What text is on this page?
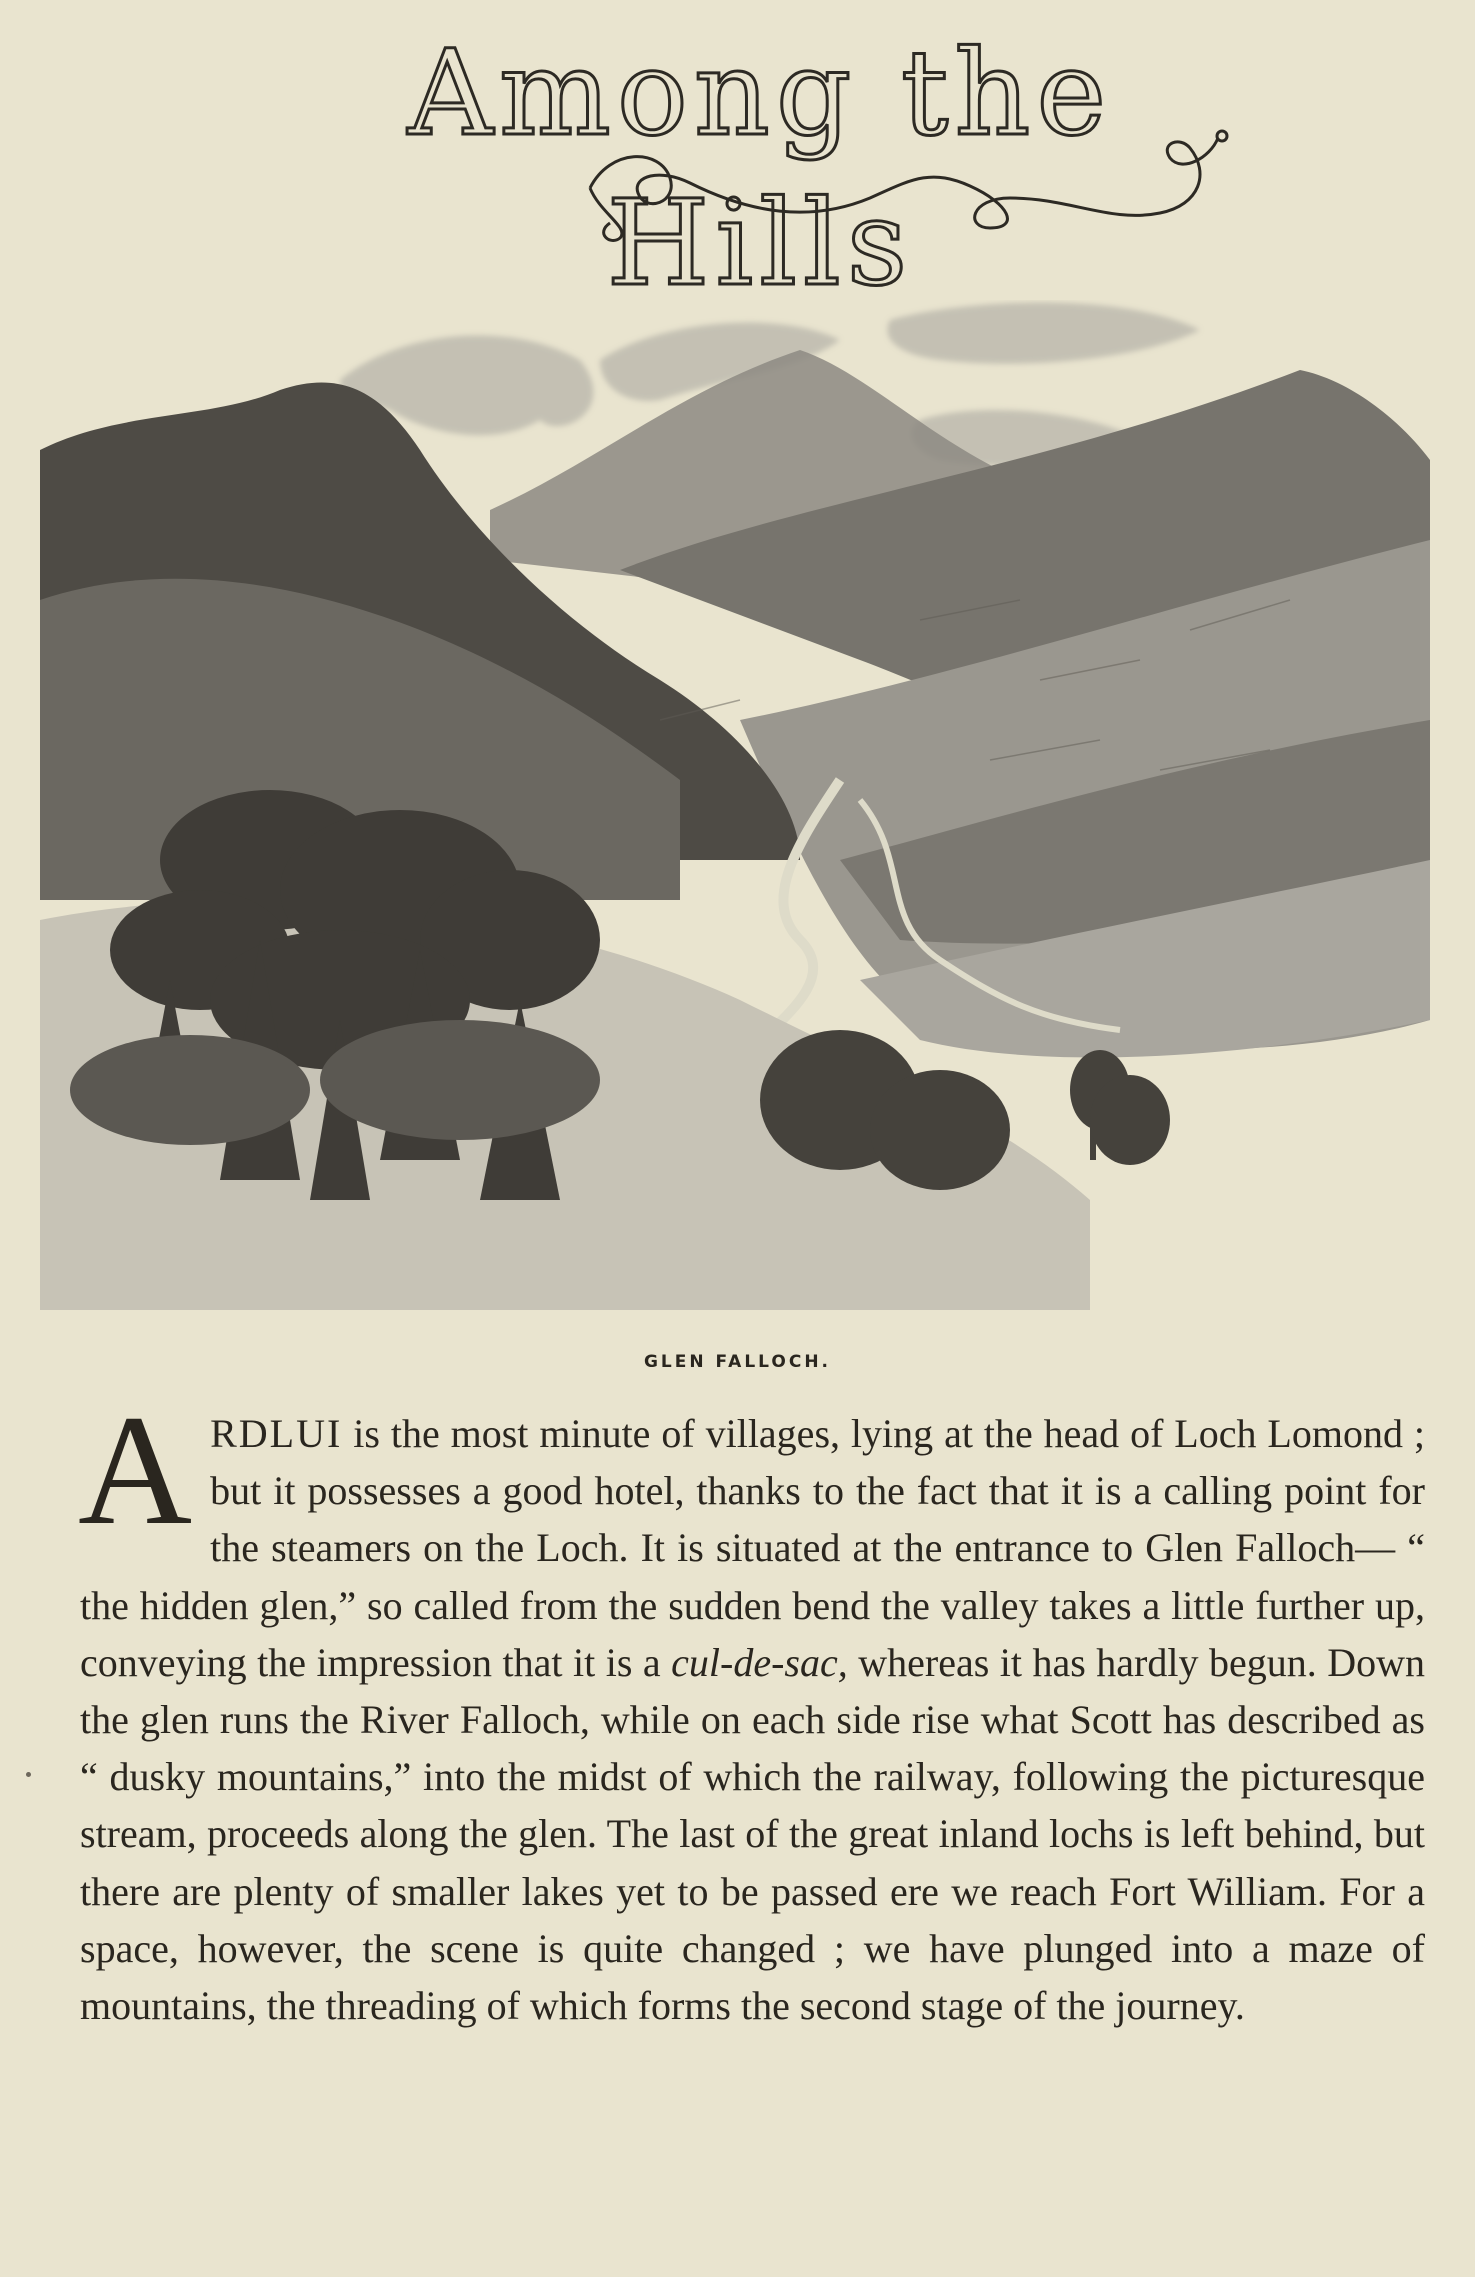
Among the Hills
GLEN FALLOCH.

ARDLUI is the most minute of villages, lying at the head of Loch Lomond ; but it possesses a good hotel, thanks to the fact that it is a calling point for the steamers on the Loch. It is situated at the entrance to Glen Falloch— “ the hidden glen,” so called from the sudden bend the valley takes a little further up, conveying the impression that it is a cul-de-sac, whereas it has hardly begun. Down the glen runs the River Falloch, while on each side rise what Scott has described as “ dusky mountains,” into the midst of which the railway, following the picturesque stream, proceeds along the glen. The last of the great inland lochs is left behind, but there are plenty of smaller lakes yet to be passed ere we reach Fort William. For a space, however, the scene is quite changed ; we have plunged into a maze of mountains, the threading of which forms the second stage of the journey.
